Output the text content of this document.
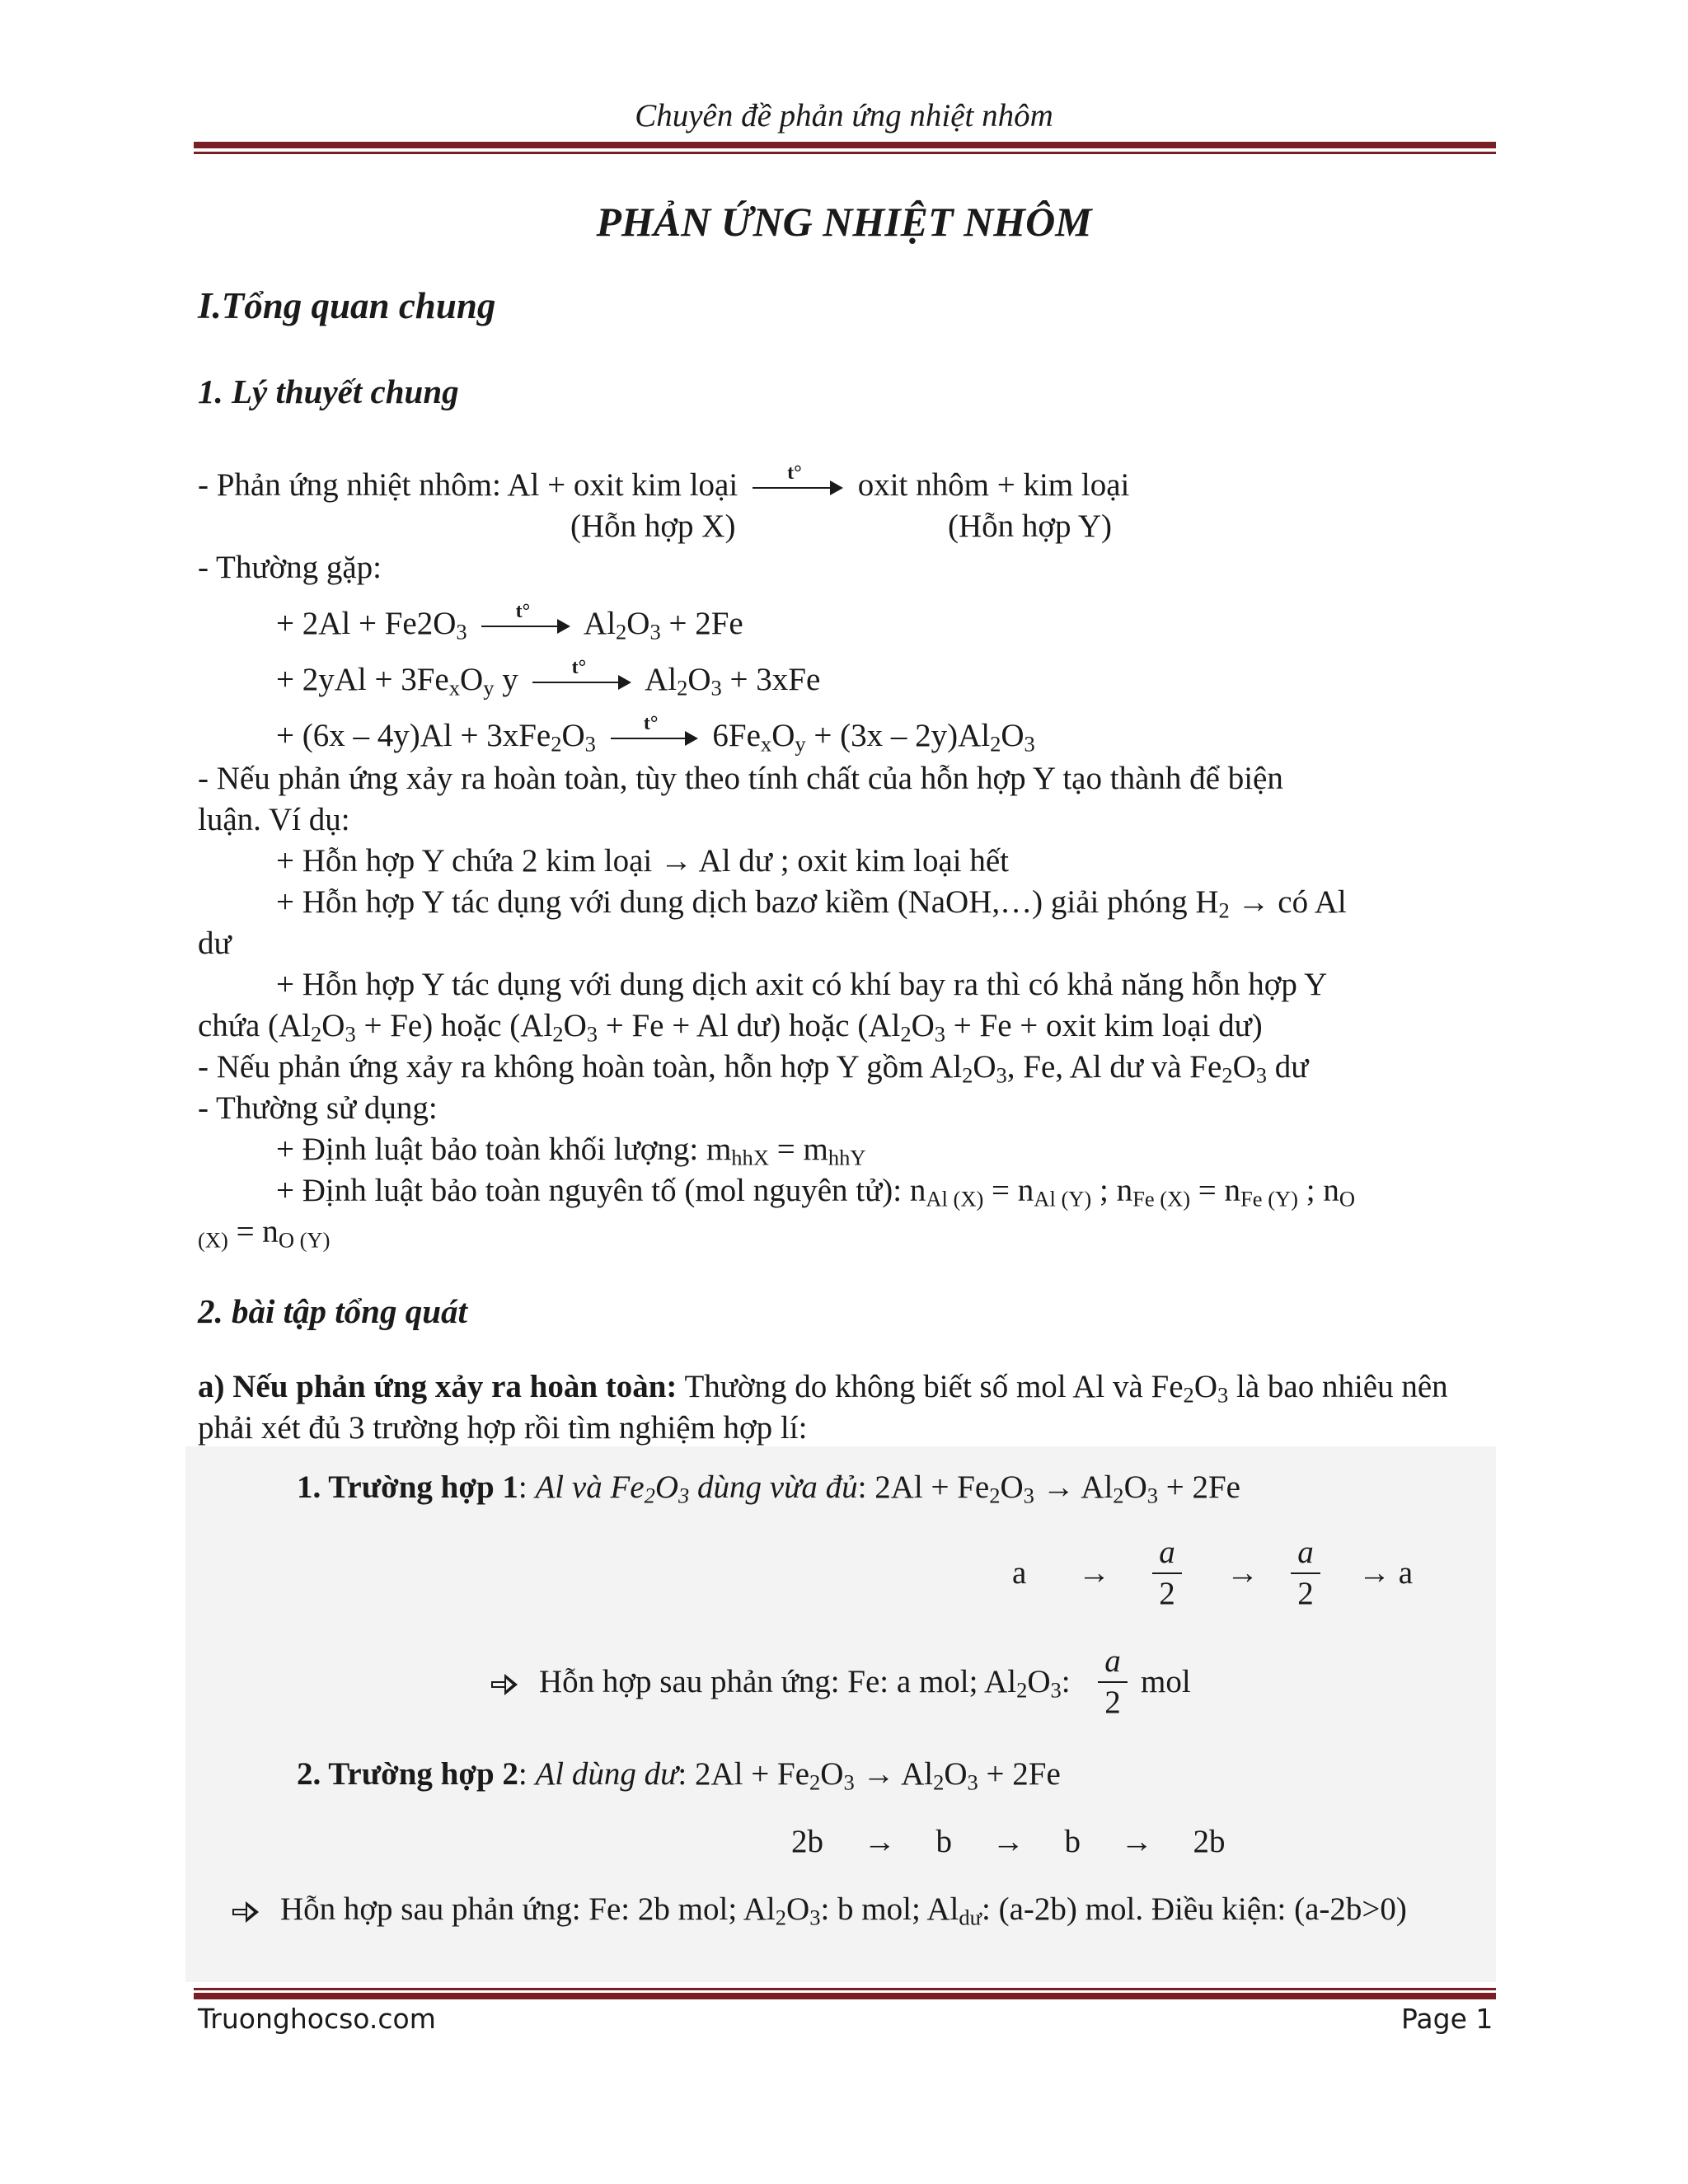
Chuyên đề phản ứng nhiệt nhôm
PHẢN ỨNG NHIỆT NHÔM
I.Tổng quan chung
1. Lý thuyết chung
- Phản ứng nhiệt nhôm: Al + oxit kim loại	t°	oxit nhôm + kim loại
(Hỗn hợp X)	(Hỗn hợp Y)
- Thường gặp:
+ $2Al + Fe2O_3$
t°	$Al_2O_3 + 2Fe$
+ $2yAl + 3Fe_xO_y$ y	t°	$Al_2O_3 + 3xFe$
+ $(6x - 4y)Al + 3xFe_2O_3$
t°	$6Fe_xO_y + (3x - 2y)Al_2O_3$
- Nếu phản ứng xảy ra hoàn toàn, tùy theo tính chất của hỗn hợp Y tạo thành để biện
luận. Ví dụ:
+ Hỗn hợp Y chứa 2 kim loại → Al dư ; oxit kim loại hết
+ Hỗn hợp Y tác dụng với dung dịch bazơ kiềm (NaOH,…) giải phóng $H_2$ → có Al
dư
+ Hỗn hợp Y tác dụng với dung dịch axit có khí bay ra thì có khả năng hỗn hợp Y
chứa $(Al_2O_3 + Fe)$ hoặc ($Al_2O_3 + Fe + Al$ dư) hoặc ($Al_2O_3 + Fe$ + oxit kim loại dư)
- Nếu phản ứng xảy ra không hoàn toàn, hỗn hợp Y gồm $Al_2O_3$, Fe, Al dư và $Fe_2O_3$ dư
- Thường sử dụng:
+ Định luật bảo toàn khối lượng: $m_{hhX} = m_{hhY}$
+ Định luật bảo toàn nguyên tố (mol nguyên tử): $n_{Al (X)} = n_{Al (Y)}$ ; $n_{Fe (X)} = n_{Fe (Y)}$ ; $n_O$
$_{(X)} = n_{O (Y)}$
2. bài tập tổng quát
a) Nếu phản ứng xảy ra hoàn toàn: Thường do không biết số mol Al và $Fe_2O_3$ là bao nhiêu nên
phải xét đủ 3 trường hợp rồi tìm nghiệm hợp lí:
1. Trường hợp 1: Al và $Fe_2O_3$ dùng vừa đủ: $2Al + Fe_2O_3 \to Al_2O_3 + 2Fe$
a →
a
2
→
a
2
→ a
Hỗn hợp sau phản ứng: Fe: a mol; $Al_2O_3$:
a
2
mol
2. Trường hợp 2: Al dùng dư: $2Al + Fe_2O_3 \to Al_2O_3 + 2Fe$
2b     →     b     →     b     →     2b
Hỗn hợp sau phản ứng: Fe: 2b mol; $Al_2O_3$: b mol; $Al_{dư}$: (a-2b) mol. Điều kiện: (a-2b>0)
Truonghocso.com	Page 1
